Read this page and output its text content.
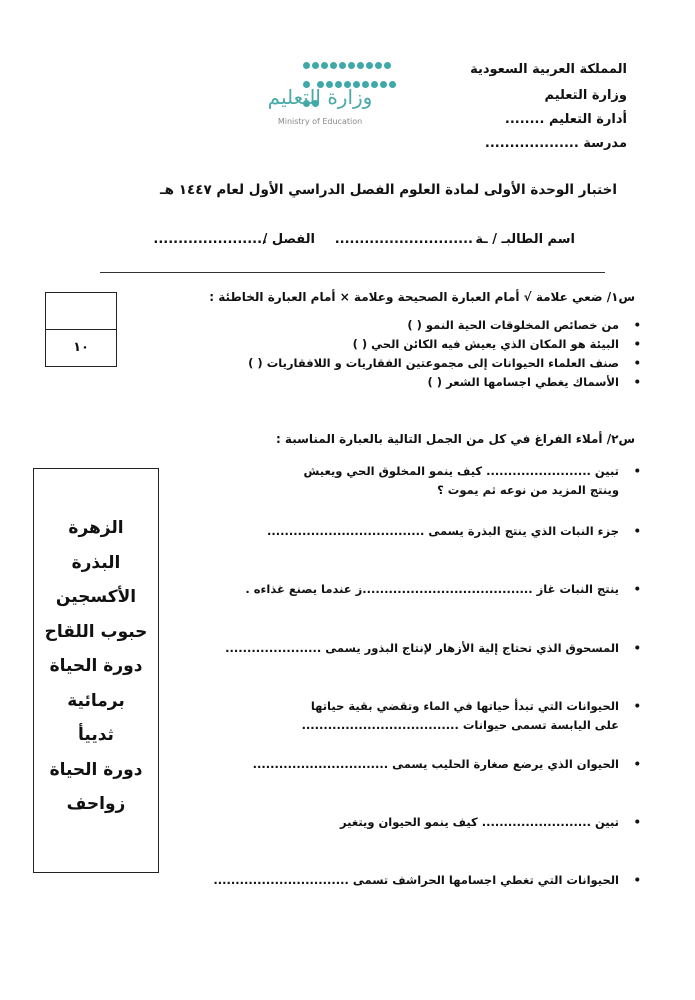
المملكة العربية السعودية
وزارة التعليم
أدارة التعليم ........
مدرسة ...................

وزارة التعليم
Ministry of Education
اختبار الوحدة الأولى لمادة العلوم الفصل الدراسي الأول لعام ١٤٤٧ هـ
اسم الطالبـ / ـة
............................
الفصل /
.......................
س١/ ضعي علامة √ أمام العبارة الصحيحة وعلامة × أمام العبارة الخاطئة :
١٠
• من خصائص المخلوقات الحية النمو ( )
• البيئة هو المكان الذي يعيش فيه الكائن الحي ( )
• صنف العلماء الحيوانات إلى مجموعتين الفقاريات و اللافقاريات ( )
• الأسماك يغطي اجسامها الشعر ( )
س٢/ أملاء الفراغ في كل من الجمل التالية بالعبارة المناسبة :
• تبين ........................ كيف ينمو المخلوق الحي ويعيش وينتج المزيد من نوعه ثم يموت ؟
• جزء النبات الذي ينتج البذرة يسمى ....................................
• ينتج النبات غاز .......................................ز عندما يصنع غذاءه .
• المسحوق الذي تحتاج إلية الأزهار لإنتاج البذور يسمى ......................
• الحيوانات التي تبدأ حياتها في الماء وتقضي بقية حياتها على اليابسة تسمى حيوانات ....................................
• الحيوان الذي يرضع صغارة الحليب يسمى ...............................
• تبين ......................... كيف ينمو الحيوان ويتغير
• الحيوانات التي تغطي اجسامها الحراشف تسمى ...............................
الزهرة
البذرة
الأكسجين
حبوب اللقاح
دورة الحياة
برمائية
ثدييأ
دورة الحياة
زواحف
